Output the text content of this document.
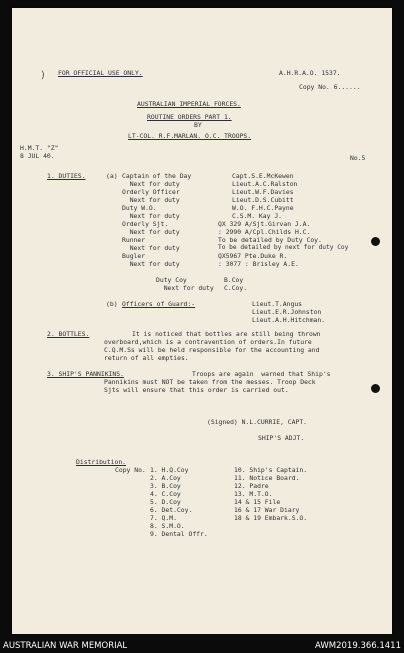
) FOR OFFICIAL USE ONLY.	A.H.R.A.O. 1537.
Copy No. 6......
AUSTRALIAN IMPERIAL FORCES.
ROUTINE ORDERS PART 1.
BY
LT-COL. R.F.MARLAN. O.C. TROOPS.
H.M.T. "Z"
8 JUL 40.	No.5
1. DUTIES.	(a) Captain of the Day	Capt.S.E.McKewen
Next for duty	Lieut.A.C.Ralston
Orderly Officer	Lieut.W.F.Davies
Next for duty	Lieut.D.S.Cubitt
Duty W.O.	W.O. F.H.C.Payne
Next for duty	C.S.M. Kay J.
Orderly Sjt.	QX 329 A/Sjt.Girvan J.A.
Next for duty	: 2990 A/Cpl.Childs H.C.
Runner	To be detailed by Duty Coy.
Next for duty	To be detailed by next for duty Coy
Bugler	QX5967 Pte.Duke R.
Next for duty	: 3077 : Brisley A.E.
Duty Coy	B.Coy
Next for duty C.Coy.
(b) Officers of Guard:-	Lieut.T.Angus
Lieut.E.R.Johnston
Lieut.A.H.Hitchman.
2. BOTTLES.	It is noticed that bottles are still being thrown
overboard,which is a contravention of orders.In future
C.Q.M.Ss will be held responsible for the accounting and
return of all empties.
3. SHIP'S PANNIKINS.	Troops are again  warned that Ship's
Pannikins must NOT be taken from the messes. Troop Deck
Sjts will ensure that this order is carried out.
(Signed) N.L.CURRIE, CAPT.
SHIP'S ADJT.
Distribution.
Copy No. 1. H.Q.Coy
2. A.Coy
3. B.Coy
4. C.Coy
5. D.Coy
6. Det.Coy.
7. Q.M.
8. S.M.O.
9. Dental Offr.
10. Ship's Captain.
11. Notice Board.
12. Padre
13. M.T.O.
14 & 15 File
16 & 17 War Diary
18 & 19 Embark.S.O.
AUSTRALIAN WAR MEMORIAL	AWM2019.366.1411
